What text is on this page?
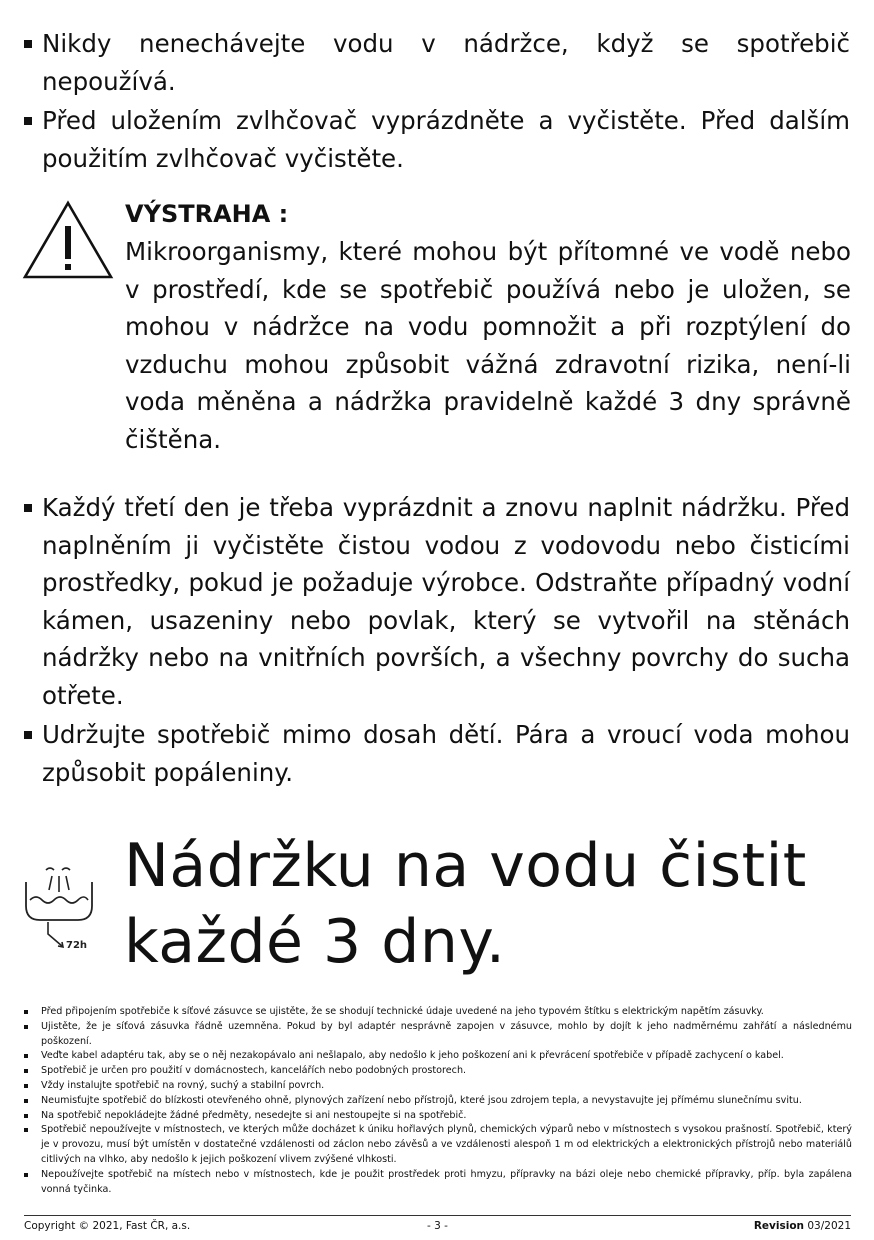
Nikdy nenechávejte vodu v nádržce, když se spotřebič nepoužívá.
Před uložením zvlhčovač vyprázdněte a vyčistěte. Před dalším použitím zvlhčovač vyčistěte.
VÝSTRAHA :
Mikroorganismy, které mohou být přítomné ve vodě nebo v prostředí, kde se spotřebič používá nebo je uložen, se mohou v nádržce na vodu pomnožit a při rozptýlení do vzduchu mohou způsobit vážná zdravotní rizika, není-li voda měněna a nádržka pravidelně každé 3 dny správně čištěna.
Každý třetí den je třeba vyprázdnit a znovu naplnit nádržku. Před naplněním ji vyčistěte čistou vodou z vodovodu nebo čisticími prostředky, pokud je požaduje výrobce. Odstraňte případný vodní kámen, usazeniny nebo povlak, který se vytvořil na stěnách nádržky nebo na vnitřních površích, a všechny povrchy do sucha otřete.
Udržujte spotřebič mimo dosah dětí. Pára a vroucí voda mohou způsobit popáleniny.
72h
Nádržku na vodu čistit
každé 3 dny.
Před připojením spotřebiče k síťové zásuvce se ujistěte, že se shodují technické údaje uvedené na jeho typovém štítku s elektrickým napětím zásuvky.
Ujistěte, že je síťová zásuvka řádně uzemněna. Pokud by byl adaptér nesprávně zapojen v zásuvce, mohlo by dojít k jeho nadměrnému zahřátí a následnému poškození.
Veďte kabel adaptéru tak, aby se o něj nezakopávalo ani nešlapalo, aby nedošlo k jeho poškození ani k převrácení spotřebiče v případě zachycení o kabel.
Spotřebič je určen pro použití v domácnostech, kancelářích nebo podobných prostorech.
Vždy instalujte spotřebič na rovný, suchý a stabilní povrch.
Neumisťujte spotřebič do blízkosti otevřeného ohně, plynových zařízení nebo přístrojů, které jsou zdrojem tepla, a nevystavujte jej přímému slunečnímu svitu.
Na spotřebič nepokládejte žádné předměty, nesedejte si ani nestoupejte si na spotřebič.
Spotřebič nepoužívejte v místnostech, ve kterých může docházet k úniku hořlavých plynů, chemických výparů nebo v místnostech s vysokou prašností. Spotřebič, který je v provozu, musí být umístěn v dostatečné vzdálenosti od záclon nebo závěsů a ve vzdálenosti alespoň 1 m od elektrických a elektronických přístrojů nebo materiálů citlivých na vlhko, aby nedošlo k jejich poškození vlivem zvýšené vlhkosti.
Nepoužívejte spotřebič na místech nebo v místnostech, kde je použit prostředek proti hmyzu, přípravky na bázi oleje nebo chemické přípravky, příp. byla zapálena vonná tyčinka.
Copyright © 2021, Fast ČR, a.s.	- 3 -	Revision 03/2021
